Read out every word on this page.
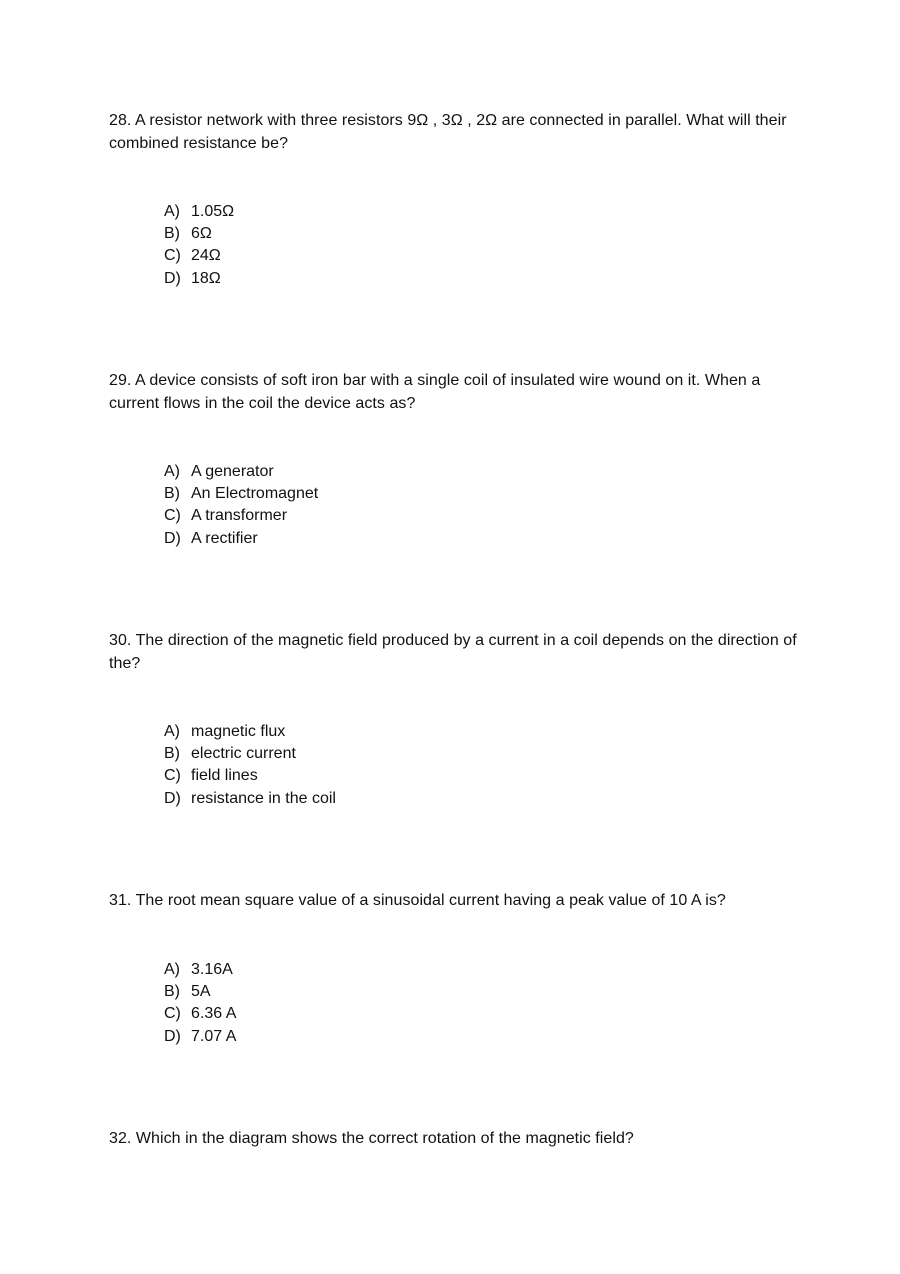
28. A resistor network with three resistors 9Ω , 3Ω , 2Ω are connected in parallel. What will their combined resistance be?

A) 1.05Ω
B) 6Ω
C) 24Ω
D) 18Ω

29. A device consists of soft iron bar with a single coil of insulated wire wound on it. When a current flows in the coil the device acts as?

A) A generator
B) An Electromagnet
C) A transformer
D) A rectifier

30. The direction of the magnetic field produced by a current in a coil depends on the direction of the?

A) magnetic flux
B) electric current
C) field lines
D) resistance in the coil

31. The root mean square value of a sinusoidal current having a peak value of 10 A is?

A) 3.16A
B) 5A
C) 6.36 A
D) 7.07 A

32. Which in the diagram shows the correct rotation of the magnetic field?
